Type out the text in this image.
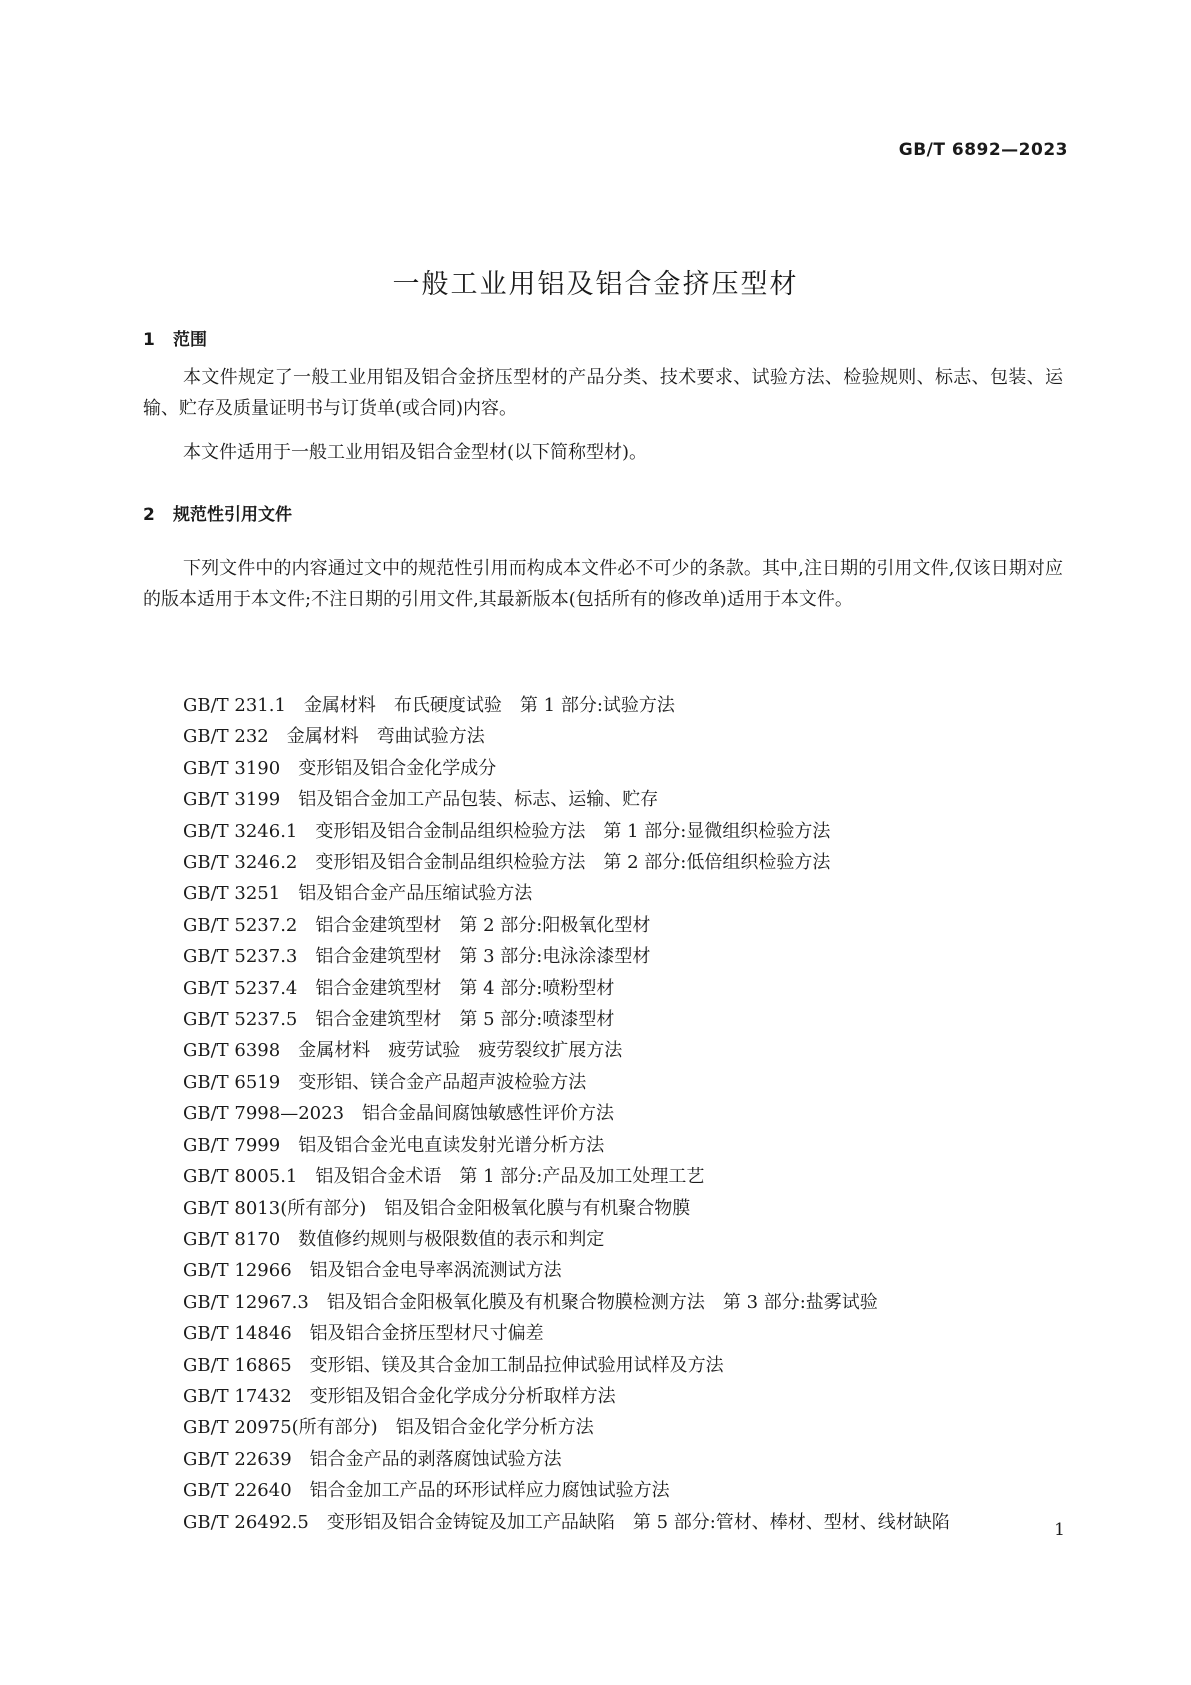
GB/T 6892—2023
一般工业用铝及铝合金挤压型材
1 范围

本文件规定了一般工业用铝及铝合金挤压型材的产品分类、技术要求、试验方法、检验规则、标志、包装、运输、贮存及质量证明书与订货单(或合同)内容。

本文件适用于一般工业用铝及铝合金型材(以下简称型材)。

2 规范性引用文件

下列文件中的内容通过文中的规范性引用而构成本文件必不可少的条款。其中,注日期的引用文件,仅该日期对应的版本适用于本文件;不注日期的引用文件,其最新版本(包括所有的修改单)适用于本文件。

GB/T 231.1 金属材料　布氏硬度试验　第 1 部分:试验方法
GB/T 232 金属材料　弯曲试验方法
GB/T 3190 变形铝及铝合金化学成分
GB/T 3199 铝及铝合金加工产品包装、标志、运输、贮存
GB/T 3246.1 变形铝及铝合金制品组织检验方法　第 1 部分:显微组织检验方法
GB/T 3246.2 变形铝及铝合金制品组织检验方法　第 2 部分:低倍组织检验方法
GB/T 3251 铝及铝合金产品压缩试验方法
GB/T 5237.2 铝合金建筑型材　第 2 部分:阳极氧化型材
GB/T 5237.3 铝合金建筑型材　第 3 部分:电泳涂漆型材
GB/T 5237.4 铝合金建筑型材　第 4 部分:喷粉型材
GB/T 5237.5 铝合金建筑型材　第 5 部分:喷漆型材
GB/T 6398 金属材料　疲劳试验　疲劳裂纹扩展方法
GB/T 6519 变形铝、镁合金产品超声波检验方法
GB/T 7998—2023 铝合金晶间腐蚀敏感性评价方法
GB/T 7999 铝及铝合金光电直读发射光谱分析方法
GB/T 8005.1 铝及铝合金术语　第 1 部分:产品及加工处理工艺
GB/T 8013(所有部分) 铝及铝合金阳极氧化膜与有机聚合物膜
GB/T 8170 数值修约规则与极限数值的表示和判定
GB/T 12966 铝及铝合金电导率涡流测试方法
GB/T 12967.3 铝及铝合金阳极氧化膜及有机聚合物膜检测方法　第 3 部分:盐雾试验
GB/T 14846 铝及铝合金挤压型材尺寸偏差
GB/T 16865 变形铝、镁及其合金加工制品拉伸试验用试样及方法
GB/T 17432 变形铝及铝合金化学成分分析取样方法
GB/T 20975(所有部分) 铝及铝合金化学分析方法
GB/T 22639 铝合金产品的剥落腐蚀试验方法
GB/T 22640 铝合金加工产品的环形试样应力腐蚀试验方法
GB/T 26492.5 变形铝及铝合金铸锭及加工产品缺陷　第 5 部分:管材、棒材、型材、线材缺陷	1
